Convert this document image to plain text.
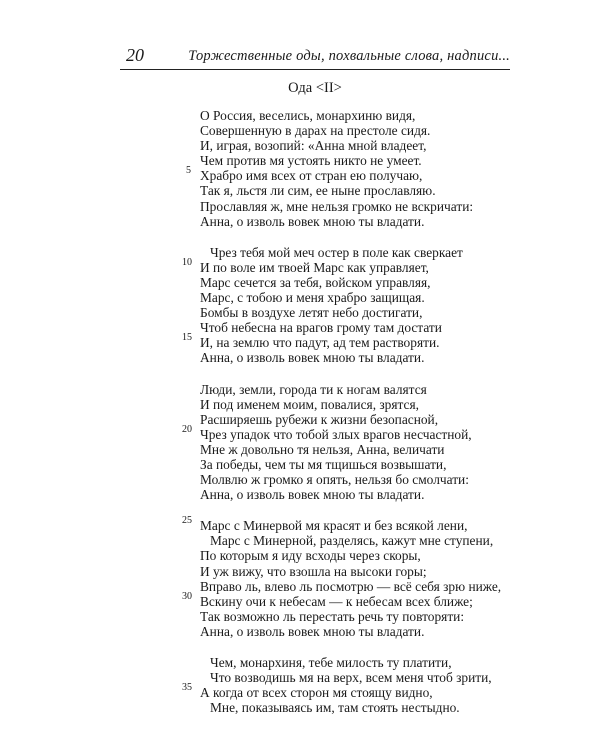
20	Торжественные оды, похвальные слова, надписи...
Ода <II>
О Россия, веселись, монархиню видя,
Совершенную в дарах на престоле сидя.
И, играя, возопий: «Анна мной владеет,
Чем против мя устоять никто не умеет.
5 Храбро имя всех от стран ею получаю,
Так я, льстя ли сим, ее ныне прославляю.
Прославляя ж, мне нельзя громко не вскричати:
Анна, о изволь вовек мною ты владати.
Чрез тебя мой меч остер в поле как сверкает
10 И по воле им твоей Марс как управляет,
Марс сечется за тебя, войском управляя,
Марс, с тобою и меня храбро защищая.
Бомбы в воздухе летят небо достигати,
Чтоб небесна на врагов грому там достати
15 И, на землю что падут, ад тем растворяти.
Анна, о изволь вовек мною ты владати.
Люди, земли, города ти к ногам валятся
И под именем моим, повалися, зрятся,
Расширяешь рубежи к жизни безопасной,
20 Чрез упадок что тобой злых врагов несчастной,
Мне ж довольно тя нельзя, Анна, величати
За победы, чем ты мя тщишься возвышати,
Молвлю ж громко я опять, нельзя бо смолчати:
Анна, о изволь вовек мною ты владати.
25 Марс с Минервой мя красят и без всякой лени,
Марс с Минерной, разделясь, кажут мне ступени,
По которым я иду всходы через скоры,
И уж вижу, что взошла на высоки горы;
Вправо ль, влево ль посмотрю — всё себя зрю ниже,
30 Вскину очи к небесам — к небесам всех ближе;
Так возможно ль перестать речь ту повторяти:
Анна, о изволь вовек мною ты владати.
Чем, монархиня, тебе милость ту платити,
Что возводишь мя на верх, всем меня чтоб зрити,
35 А когда от всех сторон мя стоящу видно,
Мне, показываясь им, там стоять нестыдно.
